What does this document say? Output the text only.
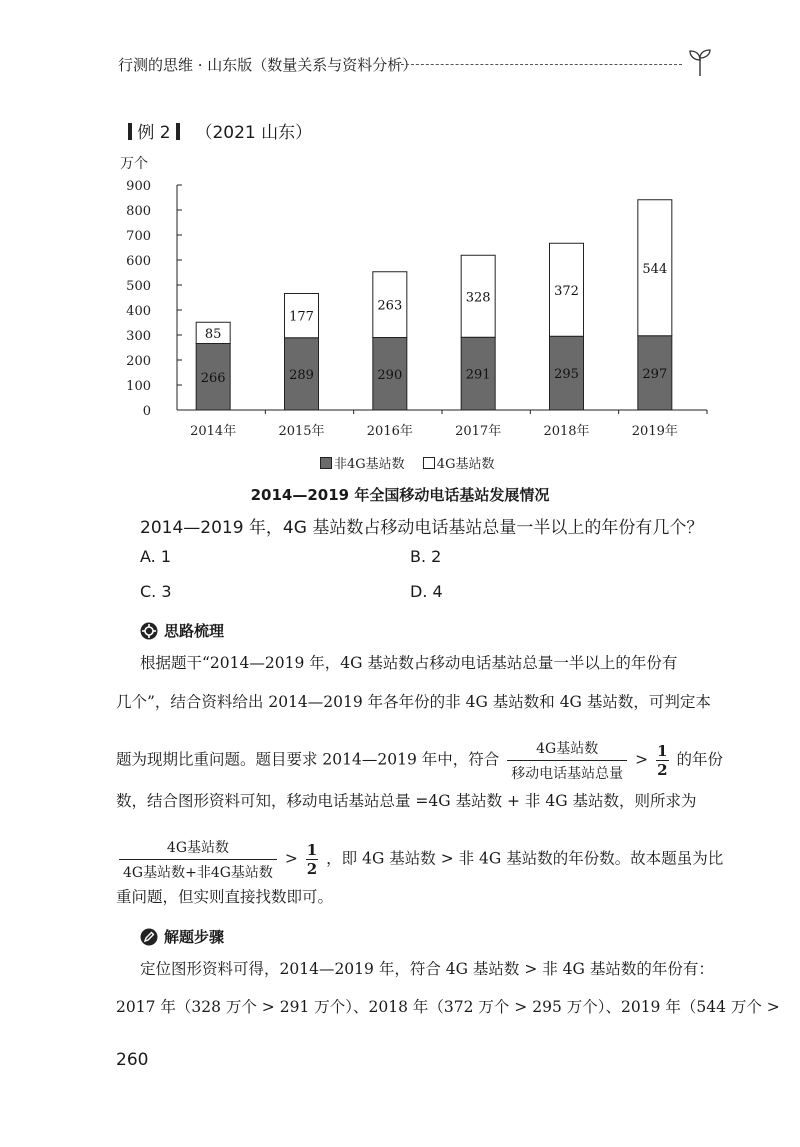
行测的思维 · 山东版（数量关系与资料分析）
例 2 （2021 山东）
万个
0
100
200
300
400
500
600
700
800
900
266
85
289
177
290
263
291
328
295
372
297
544
2014年	2015年	2016年	2017年	2018年	2019年
非4G基站数 4G基站数
2014—2019 年全国移动电话基站发展情况
2014—2019 年，4G 基站数占移动电话基站总量一半以上的年份有几个？
A. 1	B. 2
C. 3	D. 4
思路梳理
根据题干“2014—2019 年，4G 基站数占移动电话基站总量一半以上的年份有
几个”，结合资料给出 2014—2019 年各年份的非 4G 基站数和 4G 基站数，可判定本
题为现期比重问题。题目要求 2014—2019 年中，符合 $\frac{\text{4G基站数}}{\text{移动电话基站总量}} > \frac{1}{2}$ 的年份
数，结合图形资料可知，移动电话基站总量 =4G 基站数 + 非 4G 基站数，则所求为
$\frac{\text{4G基站数}}{\text{4G基站数+非4G基站数}} > \frac{1}{2}$ ，即 4G 基站数 > 非 4G 基站数的年份数。故本题虽为比
重问题，但实则直接找数即可。
解题步骤
定位图形资料可得，2014—2019 年，符合 4G 基站数 > 非 4G 基站数的年份有：
2017 年（328 万个 > 291 万个）、2018 年（372 万个 > 295 万个）、2019 年（544 万个 >
260
